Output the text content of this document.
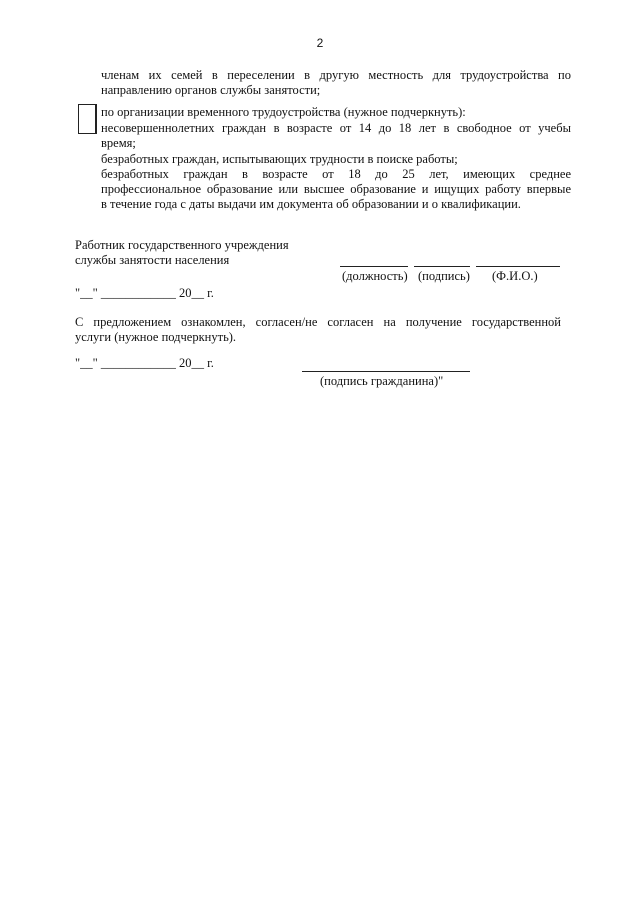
2
членам их семей в переселении в другую местность для трудоустройства по
направлению органов службы занятости;
по организации временного трудоустройства (нужное подчеркнуть):
несовершеннолетних граждан в возрасте от 14 до 18 лет в свободное от учебы
время;
безработных граждан, испытывающих трудности в поиске работы;
безработных граждан в возрасте от 18 до 25 лет, имеющих среднее
профессиональное образование или высшее образование и ищущих работу впервые
в течение года с даты выдачи им документа об образовании и о квалификации.
Работник государственного учреждения
службы занятости населения
(должность) (подпись) (Ф.И.О.)
"__" ____________ 20__ г.
С предложением ознакомлен, согласен/не согласен на получение государственной
услуги (нужное подчеркнуть).
"__" ____________ 20__ г.
(подпись гражданина)"
